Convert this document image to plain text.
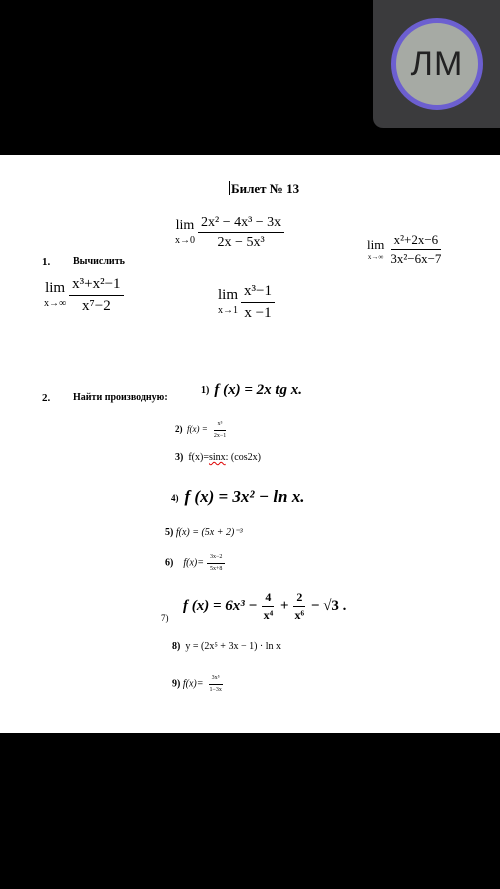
ЛМ
Билет № 13
1. Вычислить
lim
$x\to 0 \frac{\text{2x² − 4x³ − 3x}}{\text{2x − 5x³}}$	lim
$x\to\infty \frac{\text{x²+2x−6}}{\text{3x²−6x−7}}$
lim
$x\to\infty \frac{\text{x³+x²−1}}{\text{x⁷−2}}$	lim
$x\to 1 \frac{\text{x³−1}}{x -1}$
2. Найти производную:
1) f (x) = 2x tg x.
2) $f(x) = \frac{\text{x⁵}}{2x-1}$
3) f(x)=sinx: (cos2x)
4) f (x) = 3x² − ln x.
5) f(x) = (5x + 2)⁻³
6) $f(x)= \frac{3x-2}{5x+8}$
7)
f $(x) = 6x^3 - \frac{4}{\text{x⁴}} + \frac{2}{\text{x⁶}} - √3$ .
8) y = (2x⁵ + 3x − 1) · ln x
9) $f(x)= \frac{\text{3x⁵}}{1-3x}$
